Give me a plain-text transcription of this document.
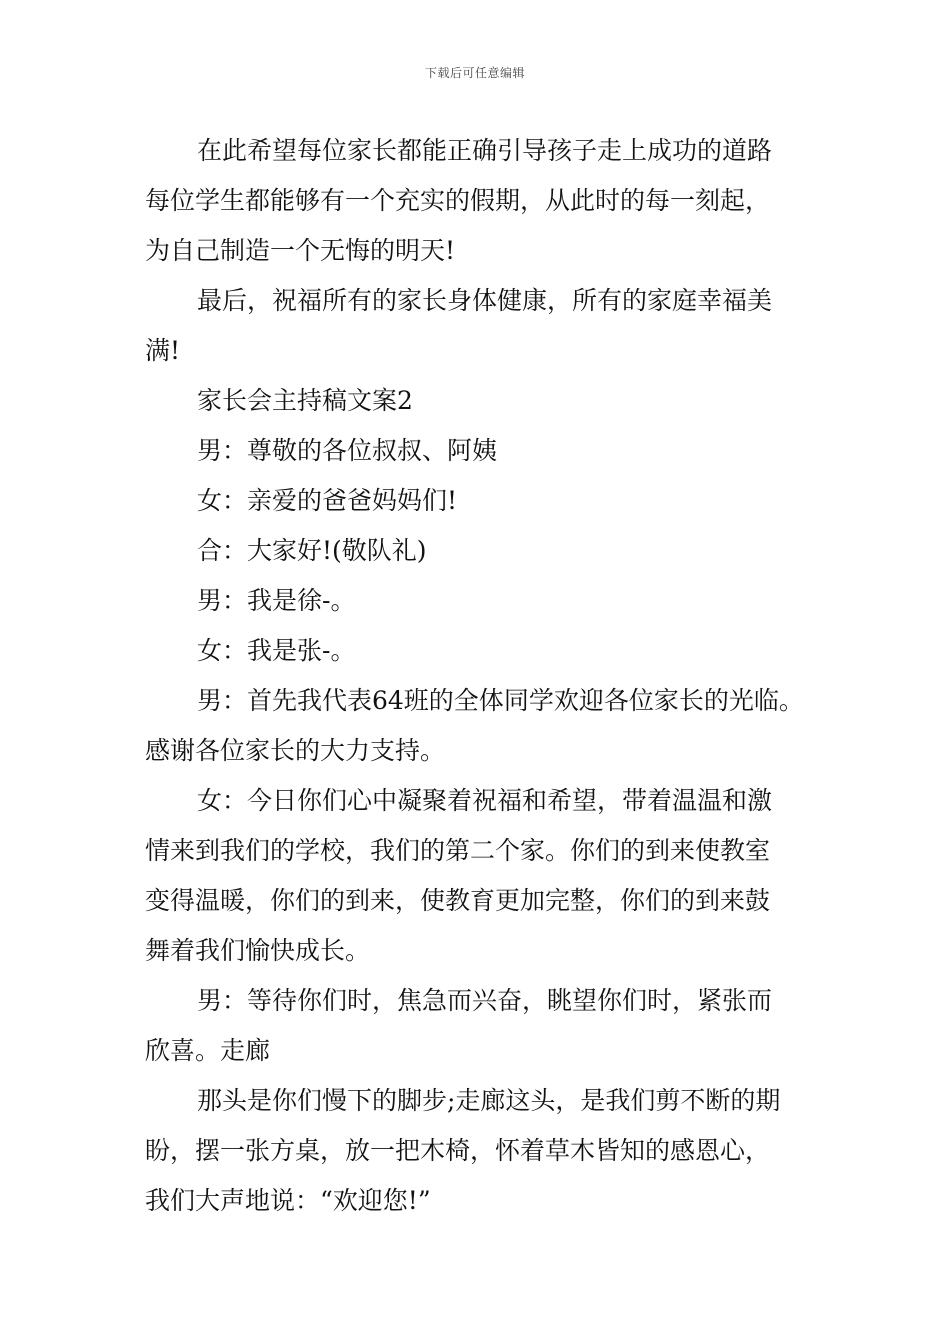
下载后可任意编辑
在此希望每位家长都能正确引导孩子走上成功的道路
每位学生都能够有一个充实的假期，从此时的每一刻起，
为自己制造一个无悔的明天!
最后，祝福所有的家长身体健康，所有的家庭幸福美
满!
家长会主持稿文案2
男：尊敬的各位叔叔、阿姨
女：亲爱的爸爸妈妈们!
合：大家好!(敬队礼)
男：我是徐-。
女：我是张-。
男：首先我代表64班的全体同学欢迎各位家长的光临。
感谢各位家长的大力支持。
女：今日你们心中凝聚着祝福和希望，带着温温和激
情来到我们的学校，我们的第二个家。你们的到来使教室
变得温暖，你们的到来，使教育更加完整，你们的到来鼓
舞着我们愉快成长。
男：等待你们时，焦急而兴奋，眺望你们时，紧张而
欣喜。走廊
那头是你们慢下的脚步;走廊这头，是我们剪不断的期
盼，摆一张方桌，放一把木椅，怀着草木皆知的感恩心，
我们大声地说：“欢迎您!”
